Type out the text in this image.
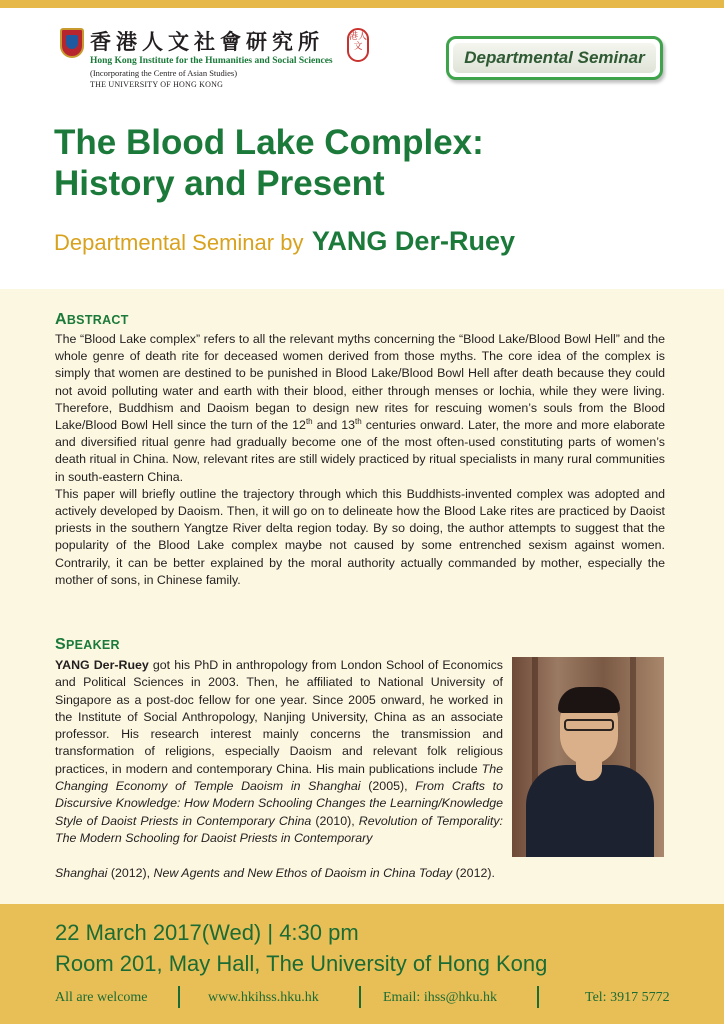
香港人文社會研究所	港人文
Hong Kong Institute for the Humanities and Social Sciences
(Incorporating the Centre of Asian Studies)
THE UNIVERSITY OF HONG KONG
Departmental Seminar
The Blood Lake Complex:
History and Present
Departmental Seminar by YANG Der-Ruey
ABSTRACT

The “Blood Lake complex” refers to all the relevant myths concerning the “Blood Lake/Blood Bowl Hell” and the whole genre of death rite for deceased women derived from those myths. The core idea of the complex is simply that women are destined to be punished in Blood Lake/Blood Bowl Hell after death because they could not avoid polluting water and earth with their blood, either through menses or lochia, while they were living. Therefore, Buddhism and Daoism began to design new rites for rescuing women’s souls from the Blood Lake/Blood Bowl Hell since the turn of the 12th and 13th centuries onward. Later, the more and more elaborate and diversified ritual genre had gradually become one of the most often-used constituting parts of women’s death ritual in China. Now, relevant rites are still widely practiced by ritual specialists in many rural communities in south-eastern China.

This paper will briefly outline the trajectory through which this Buddhists-invented complex was adopted and actively developed by Daoism. Then, it will go on to delineate how the Blood Lake rites are practiced by Daoist priests in the southern Yangtze River delta region today. By so doing, the author attempts to suggest that the popularity of the Blood Lake complex maybe not caused by some entrenched sexism against women. Contrarily, it can be better explained by the moral authority actually commanded by mother, especially the mother of sons, in Chinese family.

SPEAKER
YANG Der-Ruey got his PhD in anthropology from London School of Economics and Political Sciences in 2003. Then, he affiliated to National University of Singapore as a post-doc fellow for one year. Since 2005 onward, he worked in the Institute of Social Anthropology, Nanjing University, China as an associate professor. His research interest mainly concerns the transmission and transformation of religions, especially Daoism and relevant folk religious practices, in modern and contemporary China. His main publications include The Changing Economy of Temple Daoism in Shanghai (2005), From Crafts to Discursive Knowledge: How Modern Schooling Changes the Learning/Knowledge Style of Daoist Priests in Contemporary China (2010), Revolution of Temporality: The Modern Schooling for Daoist Priests in Contemporary
Shanghai (2012), New Agents and New Ethos of Daoism in China Today (2012).
22 March 2017(Wed) | 4:30 pm
Room 201, May Hall, The University of Hong Kong
All are welcome	www.hkihss.hku.hk	Email: ihss@hku.hk	Tel: 3917 5772
